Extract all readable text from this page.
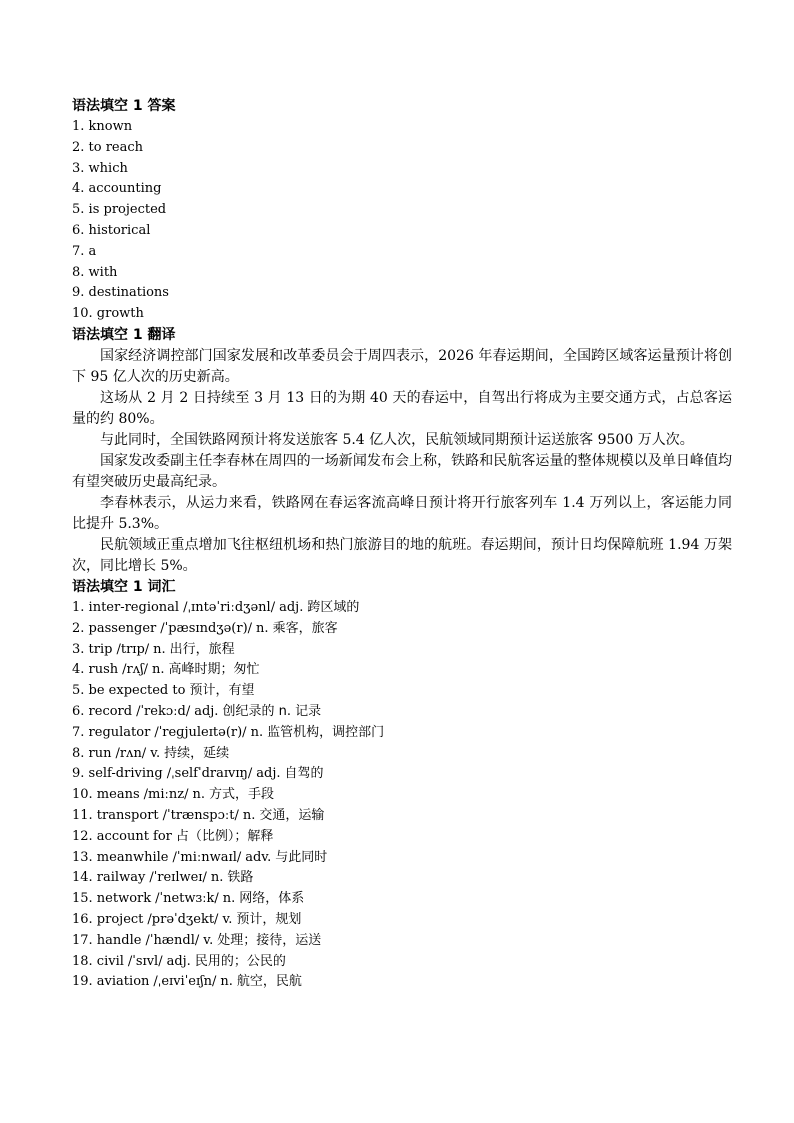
语法填空 1 答案
1. known
2. to reach
3. which
4. accounting
5. is projected
6. historical
7. a
8. with
9. destinations
10. growth
语法填空 1 翻译

国家经济调控部门国家发展和改革委员会于周四表示，2026 年春运期间，全国跨区域客运量预计将创下 95 亿人次的历史新高。

这场从 2 月 2 日持续至 3 月 13 日的为期 40 天的春运中，自驾出行将成为主要交通方式，占总客运量的约 80%。

与此同时，全国铁路网预计将发送旅客 5.4 亿人次，民航领域同期预计运送旅客 9500 万人次。

国家发改委副主任李春林在周四的一场新闻发布会上称，铁路和民航客运量的整体规模以及单日峰值均有望突破历史最高纪录。

李春林表示，从运力来看，铁路网在春运客流高峰日预计将开行旅客列车 1.4 万列以上，客运能力同比提升 5.3%。

民航领域正重点增加飞往枢纽机场和热门旅游目的地的航班。春运期间，预计日均保障航班 1.94 万架次，同比增长 5%。

语法填空 1 词汇
1. inter-regional /ˌɪntəˈriːdʒənl/ adj. 跨区域的
2. passenger /ˈpæsɪndʒə(r)/ n. 乘客，旅客
3. trip /trɪp/ n. 出行，旅程
4. rush /rʌʃ/ n. 高峰时期；匆忙
5. be expected to 预计，有望
6. record /ˈrekɔːd/ adj. 创纪录的 n. 记录
7. regulator /ˈreɡjuleɪtə(r)/ n. 监管机构，调控部门
8. run /rʌn/ v. 持续，延续
9. self-driving /ˌselfˈdraɪvɪŋ/ adj. 自驾的
10. means /miːnz/ n. 方式，手段
11. transport /ˈtrænspɔːt/ n. 交通，运输
12. account for 占（比例）；解释
13. meanwhile /ˈmiːnwaɪl/ adv. 与此同时
14. railway /ˈreɪlweɪ/ n. 铁路
15. network /ˈnetwɜːk/ n. 网络，体系
16. project /prəˈdʒekt/ v. 预计，规划
17. handle /ˈhændl/ v. 处理；接待，运送
18. civil /ˈsɪvl/ adj. 民用的；公民的
19. aviation /ˌeɪviˈeɪʃn/ n. 航空，民航
